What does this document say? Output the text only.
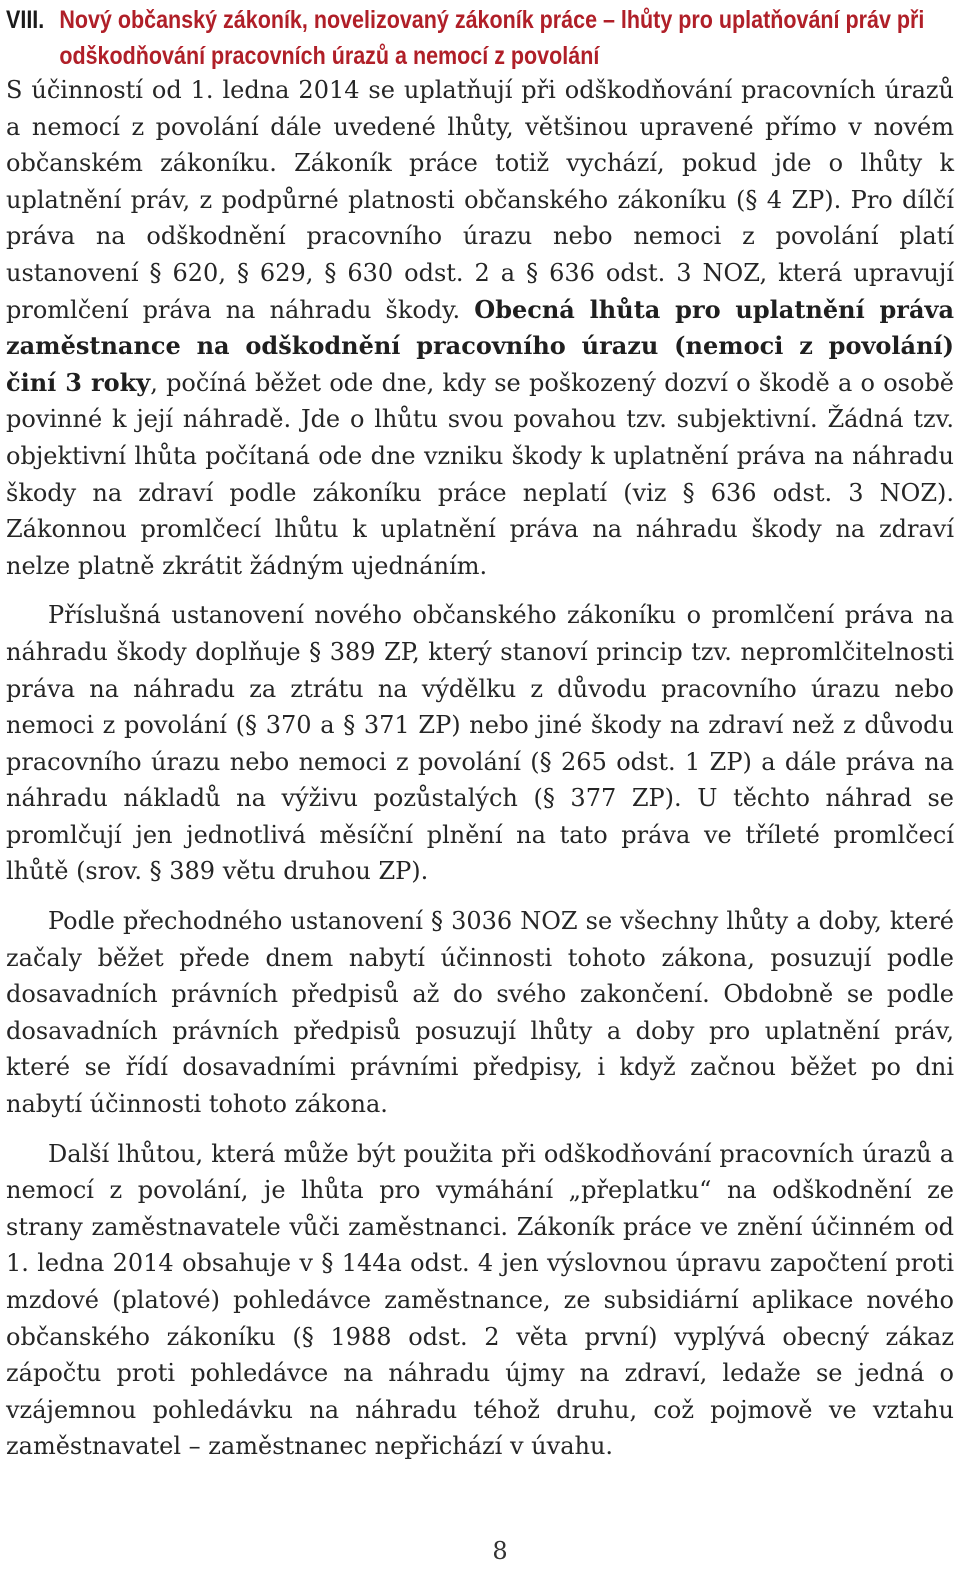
VIII. Nový občanský zákoník, novelizovaný zákoník práce – lhůty pro uplatňování práv při odškodňování pracovních úrazů a nemocí z povolání

S účinností od 1. ledna 2014 se uplatňují při odškodňování pracovních úrazů a nemocí z povolání dále uvedené lhůty, většinou upravené přímo v novém občanském zákoníku. Zákoník práce totiž vychází, pokud jde o lhůty k uplatnění práv, z podpůrné platnosti občanského zákoníku (§ 4 ZP). Pro dílčí práva na odškodnění pracovního úrazu nebo nemoci z povolání platí ustanovení § 620, § 629, § 630 odst. 2 a § 636 odst. 3 NOZ, která upravují promlčení práva na náhradu škody. Obecná lhůta pro uplatnění práva zaměstnance na odškodnění pracovního úrazu (nemoci z povolání) činí 3 roky, počíná běžet ode dne, kdy se poškozený dozví o škodě a o osobě povinné k její náhradě. Jde o lhůtu svou povahou tzv. subjektivní. Žádná tzv. objektivní lhůta počítaná ode dne vzniku škody k uplatnění práva na náhradu škody na zdraví podle zákoníku práce neplatí (viz § 636 odst. 3 NOZ). Zákonnou promlčecí lhůtu k uplatnění práva na náhradu škody na zdraví nelze platně zkrátit žádným ujednáním.

Příslušná ustanovení nového občanského zákoníku o promlčení práva na náhradu škody doplňuje § 389 ZP, který stanoví princip tzv. nepromlčitelnosti práva na náhradu za ztrátu na výdělku z důvodu pracovního úrazu nebo nemoci z povolání (§ 370 a § 371 ZP) nebo jiné škody na zdraví než z důvodu pracovního úrazu nebo nemoci z povolání (§ 265 odst. 1 ZP) a dále práva na náhradu nákladů na výživu pozůstalých (§ 377 ZP). U těchto náhrad se promlčují jen jednotlivá měsíční plnění na tato práva ve tříleté promlčecí lhůtě (srov. § 389 větu druhou ZP).

Podle přechodného ustanovení § 3036 NOZ se všechny lhůty a doby, které začaly běžet přede dnem nabytí účinnosti tohoto zákona, posuzují podle dosavadních právních předpisů až do svého zakončení. Obdobně se podle dosavadních právních předpisů posuzují lhůty a doby pro uplatnění práv, které se řídí dosavadními právními předpisy, i když začnou běžet po dni nabytí účinnosti tohoto zákona.

Další lhůtou, která může být použita při odškodňování pracovních úrazů a nemocí z povolání, je lhůta pro vymáhání „přeplatku“ na odškodnění ze strany zaměstnavatele vůči zaměstnanci. Zákoník práce ve znění účinném od 1. ledna 2014 obsahuje v § 144a odst. 4 jen výslovnou úpravu započtení proti mzdové (platové) pohledávce zaměstnance, ze subsidiární aplikace nového občanského zákoníku (§ 1988 odst. 2 věta první) vyplývá obecný zákaz zápočtu proti pohledávce na náhradu újmy na zdraví, ledaže se jedná o vzájemnou pohledávku na náhradu téhož druhu, což pojmově ve vztahu zaměstnavatel – zaměstnanec nepřichází v úvahu.

8
